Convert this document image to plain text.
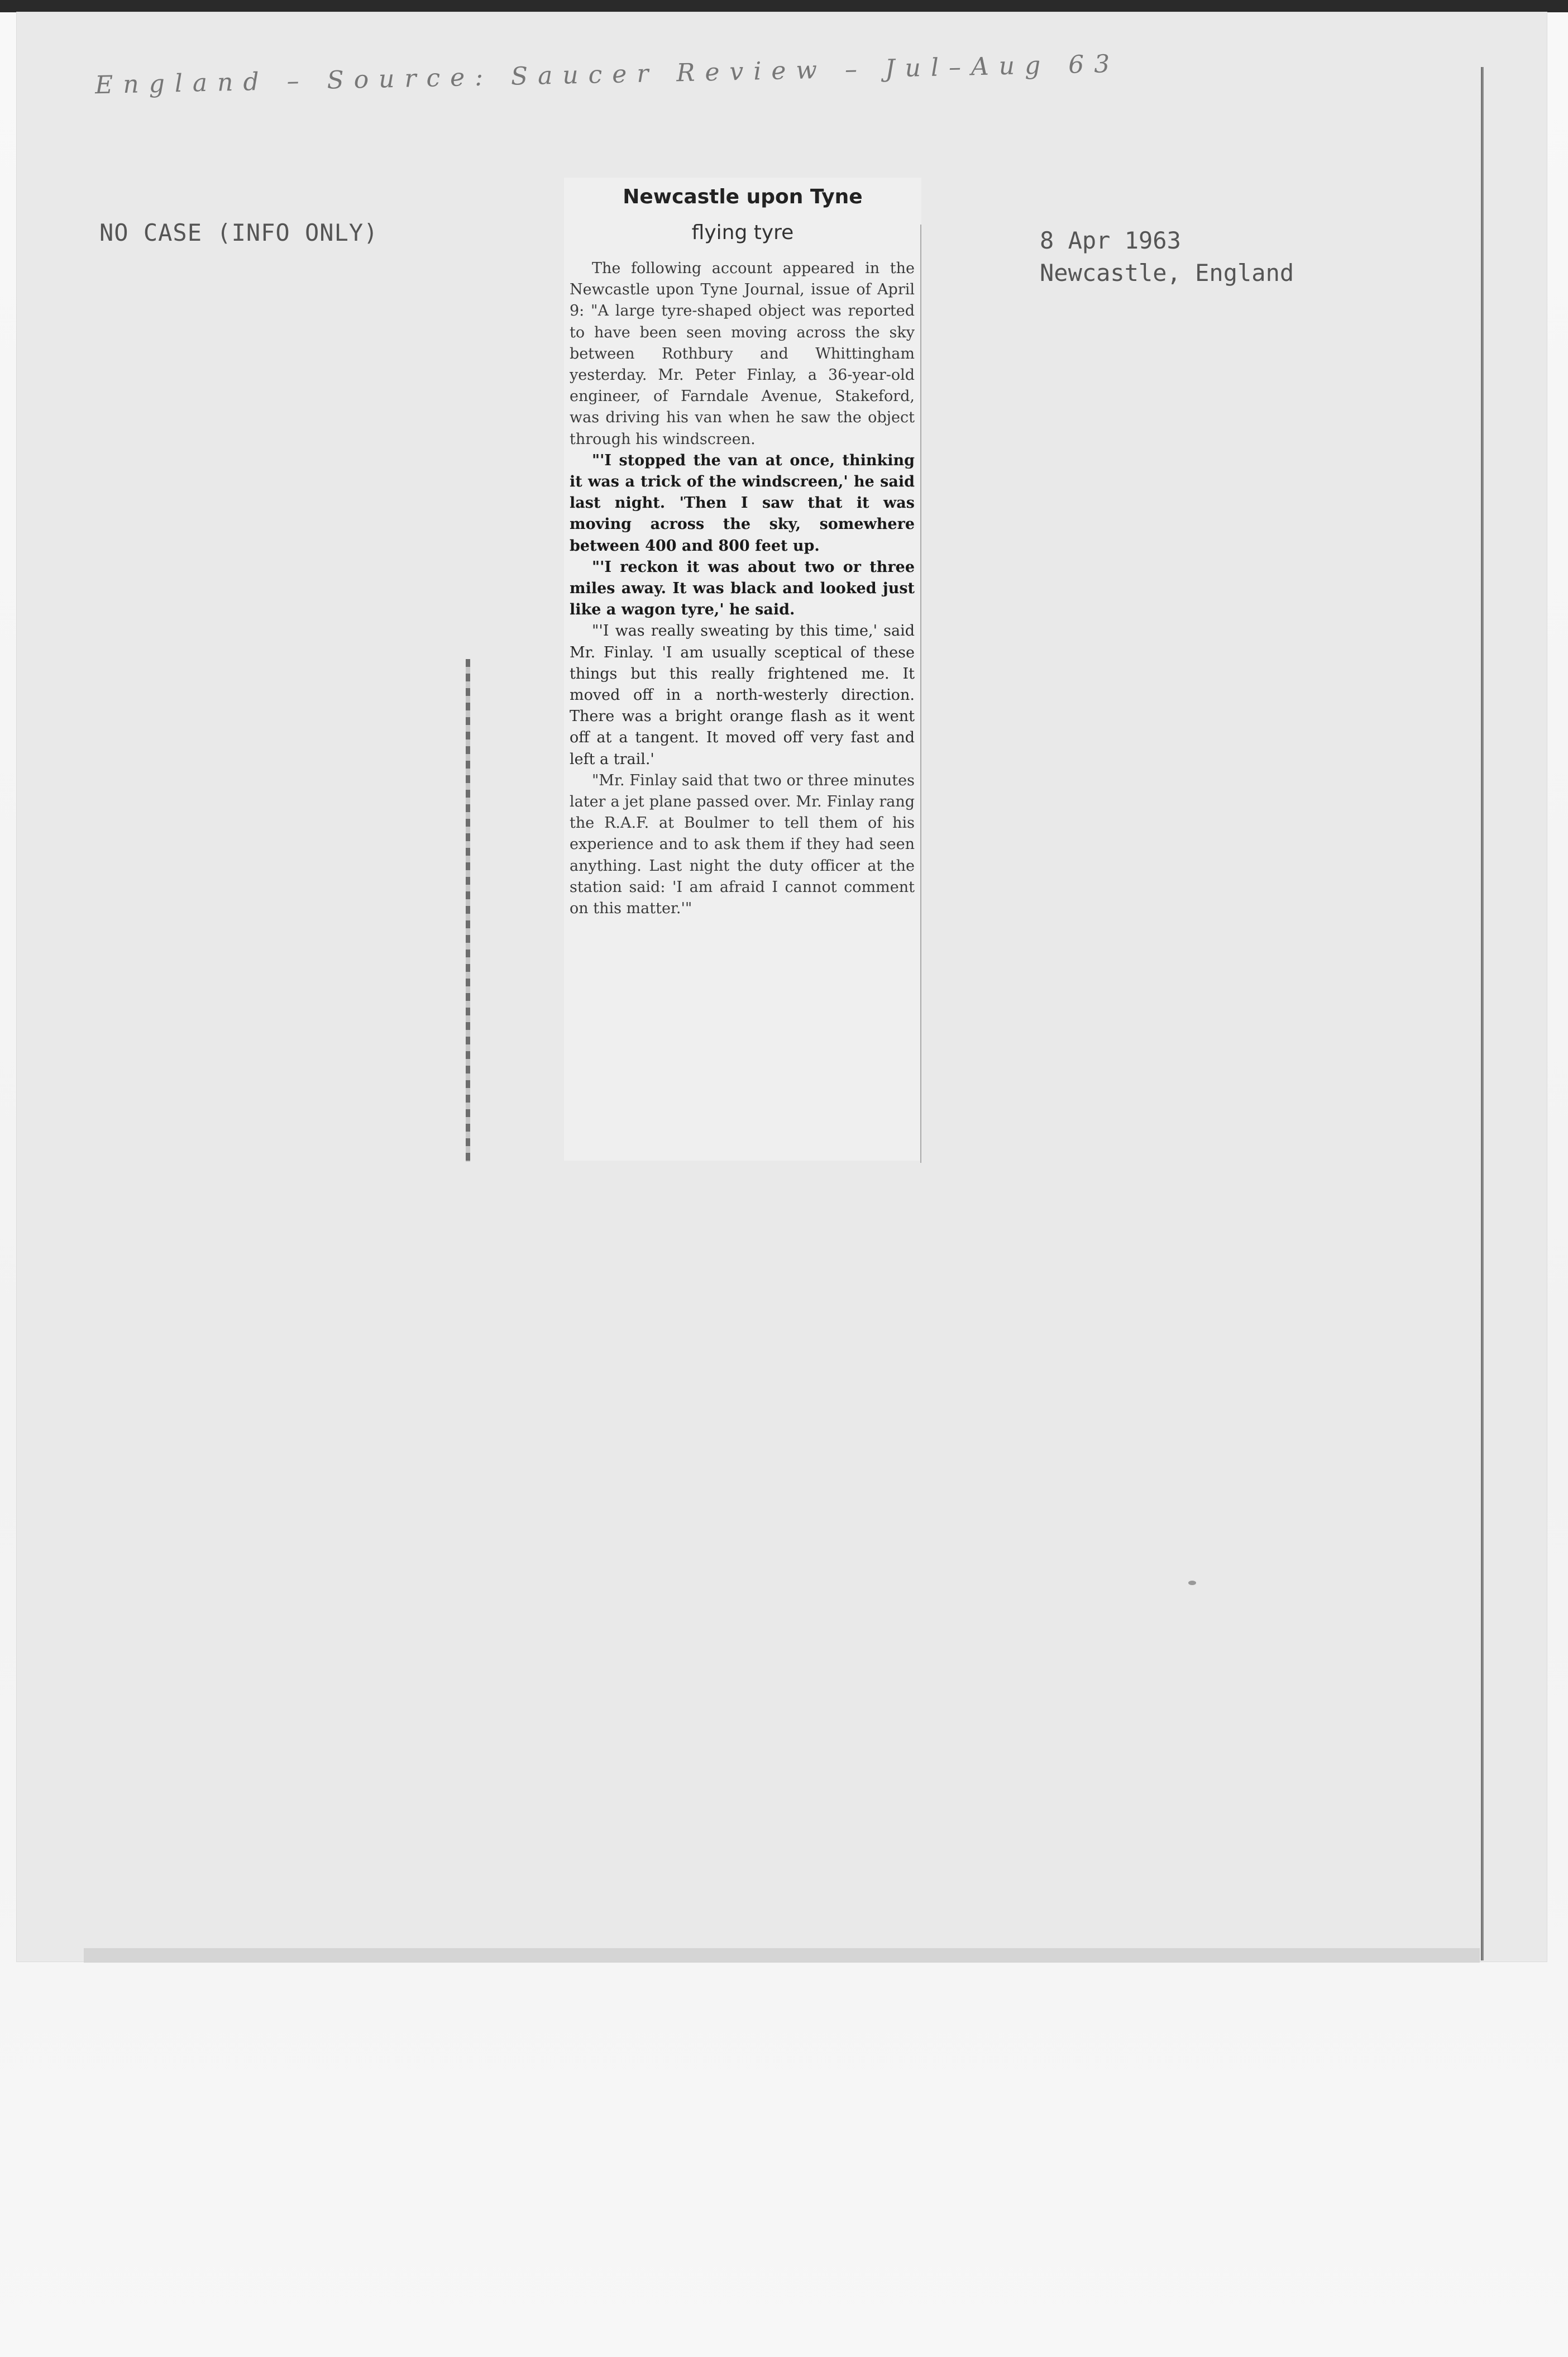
England – Source: Saucer Review – Jul–Aug 63
NO CASE (INFO ONLY)	8 Apr 1963
Newcastle, England
Newcastle upon Tyne
flying tyre

The following account appeared in the Newcastle upon Tyne Journal, issue of April 9: "A large tyre-shaped object was reported to have been seen moving across the sky between Rothbury and Whittingham yesterday. Mr. Peter Finlay, a 36-year-old engineer, of Farndale Avenue, Stakeford, was driving his van when he saw the object through his windscreen.

"'I stopped the van at once, thinking it was a trick of the windscreen,' he said last night. 'Then I saw that it was moving across the sky, somewhere between 400 and 800 feet up.

"'I reckon it was about two or three miles away. It was black and looked just like a wagon tyre,' he said.

"'I was really sweating by this time,' said Mr. Finlay. 'I am usually sceptical of these things but this really frightened me. It moved off in a north-westerly direction. There was a bright orange flash as it went off at a tangent. It moved off very fast and left a trail.'

"Mr. Finlay said that two or three minutes later a jet plane passed over. Mr. Finlay rang the R.A.F. at Boulmer to tell them of his experience and to ask them if they had seen anything. Last night the duty officer at the station said: 'I am afraid I cannot comment on this matter.'"
